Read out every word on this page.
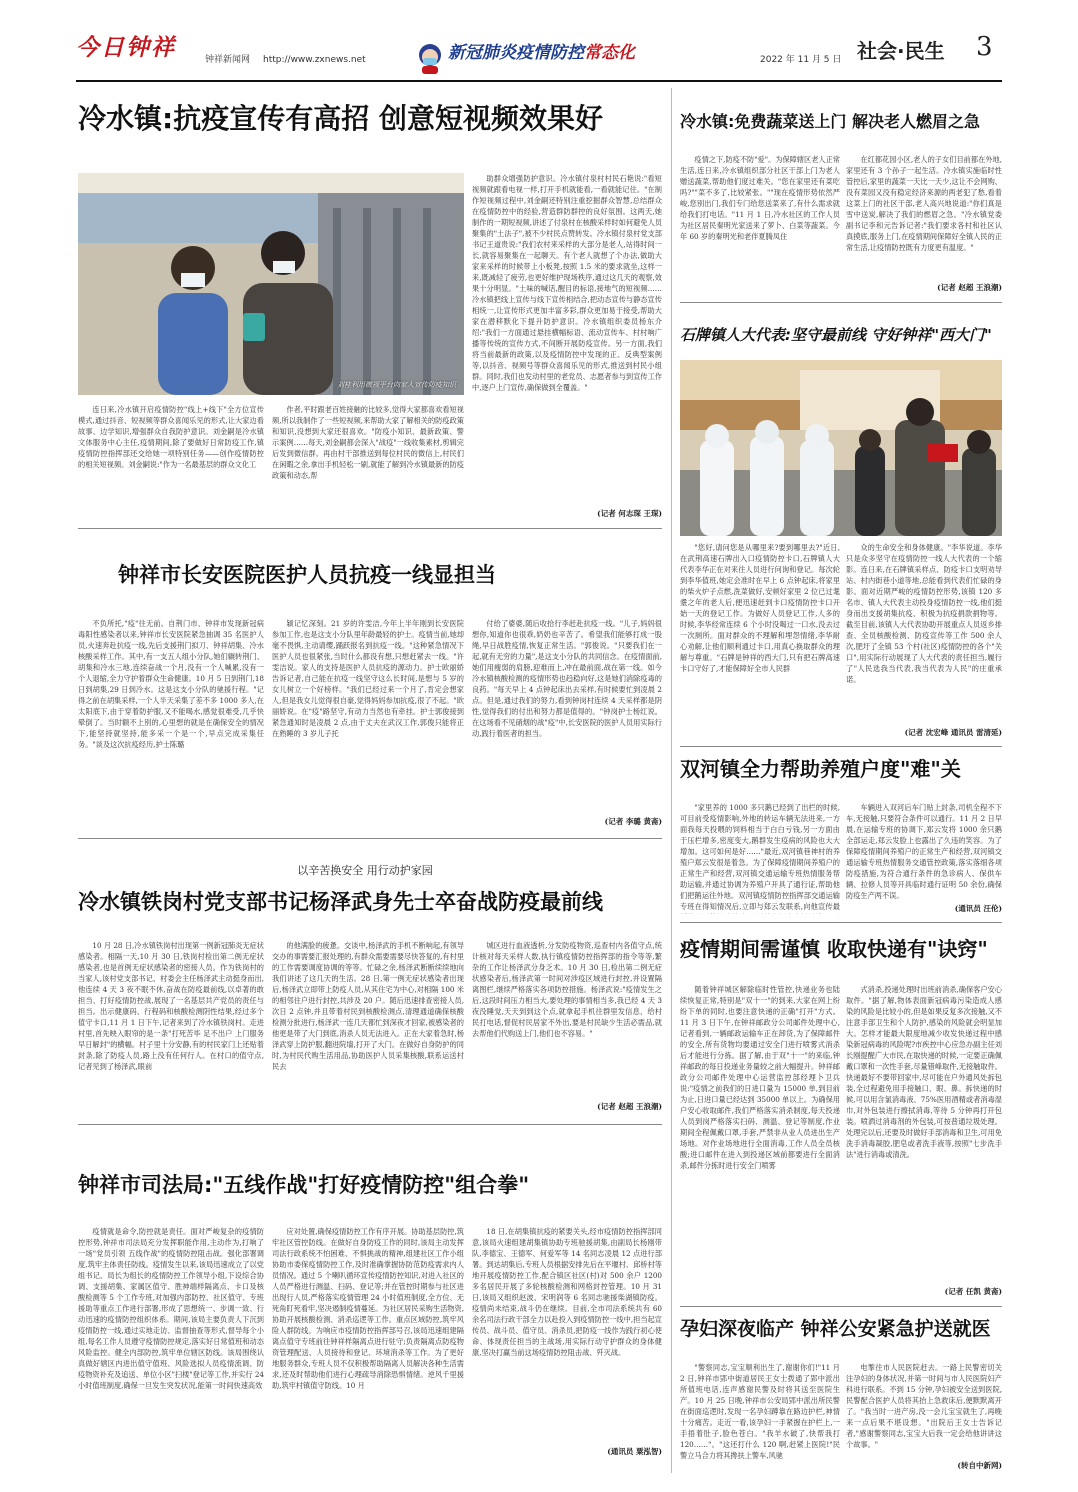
今日钟祥	钟祥新闻网 http://www.zxnews.net	新冠肺炎疫情防控常态化	2022 年 11 月 5 日 社会·民生 3
冷水镇:抗疫宣传有高招 创意短视频效果好
刘桂利用微视平台向家人宣传防疫知识
连日来,冷水镇开启疫情防控"线上+线下"全方位宣传模式,通过抖音、短视频等群众喜闻乐见的形式,让大家边看故事、边学知识,增强群众自我防护意识。刘金嗣是冷水镇文体服务中心主任,疫情期间,除了要做好日常防疫工作,镇疫情防控指挥部还交给她一项特别任务——创作疫情防控的相关短视频。刘金嗣说:"作为一名最基层的群众文化工
作者,平时跟老百姓接触的比较多,觉得大家都喜欢看短视频,所以我制作了一些短视频,来帮助大家了解相关的防疫政策和知识,没想到大家还很喜欢。"防疫小知识、最新政策、警示案例……每天,刘金嗣都会深入"战疫"一线收集素材,剪辑完后发到微信群。再由村干部推送到每位村民的微信上,村民们在闲暇之余,拿出手机轻松一刷,就能了解到冷水镇最新的防疫政策和动态,帮
助群众增强防护意识。冷水镇付泉村村民石艳说:"看短视频就跟看电视一样,打开手机就能看,一看就能记住。"在制作短视频过程中,刘金嗣还特别注重挖掘群众智慧,总结群众在疫情防控中的经验,营造群防群控的良好氛围。这两天,她制作的一期短视频,讲述了付泉村在核酸采样时如何避免人员聚集的"土法子",被不少村民点赞转发。冷水镇付泉村党支部书记王道贵说:"我们农村来采样的大部分是老人,站得时间一长,就容易聚集在一起聊天。有个老人就想了个办法,做助大家来采样的时候带上小板凳,按照 1.5 米的要求就坐,这样一来,既减轻了疲劳,也更好维护现场秩序,通过这几天的观察,效果十分明显。"土味的喊话,醒目的标语,接地气的短视频……冷水镇把线上宣传与线下宣传相结合,把动态宣传与静态宣传相统一,让宣传形式更加丰富多彩,群众更加易于接受,帮助大家在潜移默化下提升防护意识。冷水镇组织委员杨东介绍:"我们一方面通过悬挂横幅标语、流动宣传车、村村响广播等传统的宣传方式,不间断开展防疫宣传。另一方面,我们将当前最新的政策,以及疫情防控中发现的正、反典型案例等,以抖音、视频号等群众喜闻乐见的形式,推送到村民小组群。同时,我们也发动村里的老党员、志愿者参与到宣传工作中,逐户上门宣传,确保做到全覆盖。"
(记者 何志琛 王琛)
钟祥市长安医院医护人员抗疫一线显担当
不负所托,"疫"往无前。自荆门市、钟祥市发现新冠病毒阳性感染者以来,钟祥市长安医院紧急抽调 35 名医护人员,火速奔赴抗疫一线,先后支援荆门拟刀、钟祥胡集、冷水核酸采样工作。其中,有一支五人组小分队,她们辗转荆门、胡集和冷水三地,连续奋战一个月,没有一个人喊累,没有一个人退缩,全力守护着群众生命健康。10 月 5 日到荆门,18 日到胡集,29 日到冷水。这是这支小分队的驰援行程。"记得之前在胡集采样,一个人半天采集了差不多 1000 多人,在太阳底下,由于穿着防护服,又不能喝水,感觉很难受,几乎快晕倒了。当时额不上别的,心里想的就是在确保安全的情况下,能坚持就坚持,能多采一个是一个,早点完成采集任务。"谈及这次抗疫经历,护士陈璐
颖记忆深刻。21 岁的许雯洁,今年上半年刚到长安医院参加工作,也是这支小分队里年龄最轻的护士。疫情当前,她却毫不畏惧,主动请缨,踊跃报名到抗疫一线。"这种紧急情况下医护人员也很紧张,当时什么都没有想,只想赶紧去一线。"许雯洁说。家人的支持是医护人员抗疫的源动力。护士欧丽娇告诉记者,自己能在抗疫一线坚守这么长时间,是想与 5 岁的女儿树立一个好榜样。"我们已经过来一个月了,肯定会想家人,但是我女儿觉得很自豪,觉得妈妈参加抗疫,很了不起。"欧丽娇说。在"疫"路坚守,有动力当然也有牵挂。护士郭俊接到紧急通知时是凌晨 2 点,由于丈夫在武汉工作,郭俊只能将正在熟睡的 3 岁儿子托
付给了婆婆,随后收拾行李赶赴抗疫一线。"儿子,妈妈很想你,知道你也很乖,奶奶也辛苦了。希望我们能够打成一股绳,早日战胜疫情,恢复正常生活。"郭俊说。"只要我们在一起,就有无穷的力量",是这支小分队的共同信念。在疫情面前,她们用瘦弱的肩膀,迎难而上,冲在最前面,战在第一线。如今冷水镇核酸检测的疫情形势也趋稳向好,这是她们消除疫毒的良药。"每天早上 4 点钟起床出去采样,有时候要忙到凌晨 2 点。但是,通过我们的努力,看到钟岗村连续 4 天采样都是阴性,觉得我们的付出和努力都是值得的。"钟岗护士杨红说。在这场看不见硝烟的战"疫"中,长安医院的医护人员用实际行动,践行着医者的担当。
(记者 李璐 黄斋)
以辛苦换安全 用行动护家园
冷水镇铁岗村党支部书记杨泽武身先士卒奋战防疫最前线
10 月 28 日,冷水镇铁岗村出现第一例新冠肺炎无症状感染者。相隔一天,10 月 30 日,铁岗村检出第二例无症状感染者,也是首例无症状感染者的密接人员。作为铁岗村的当家人,该村党支部书记、村委会主任杨泽武主动挺身而出,他连续 4 天 3 夜不眠不休,奋战在防疫最前线,以卓著的敢担当、打好疫情防控战,展现了一名基层共产党员的责任与担当。出示健康码、行程码和核酸检测阴性结果,经过多个值守卡口,11 月 1 日下午,记者来到了冷水镇铁岗村。走进村里,首先映入眼帘的是一条"打死苦毕 足不出户 上门服务 早日解封"的横幅。村子里十分安静,有的村民家门上还贴着封条,除了防疫人员,路上没有任何行人。在村口的值守点,记者见到了杨泽武,眼前
的他满脸的疲惫。交谈中,杨泽武的手机不断响起,有领导交办的事需要汇报处理的,有群众需要需要尽快答复的,有村里的工作需要调度协调的等等。忙碌之余,杨泽武断断续续地向我们讲述了这几天的生活。28 日,第一例无症状感染者出现后,杨泽武立即带上防疫人员,从其住宅为中心,对相隔 100 米的相邻住户进行封控,共涉及 20 户。随后迅速排查密接人员,次日 2 点钟,并且带着村民到核酸检测点,清理通道确保核酸检测分批进行,杨泽武一连几天都忙到深夜才回家,被感染者的他更是带了大门到底,消杀人员无法进入。正在大家着急时,杨泽武穿上防护服,翻进院墙,打开了大门。在做好自身防护的同时,为村民代购生活用品,协助医护人员采集核酸,联系运送村民去
城区进行血液透析,分发防疫物资,巡查村内各值守点,统计核对每天采样人数,执行镇疫情防控指挥部的指令等等,繁杂的工作让杨泽武分身乏术。10 月 30 日,检出第二例无症状感染者后,杨泽武第一时间对涉疫区域进行封控,并设置隔离图栏,继续严格落实各项防控措施。杨泽武说:"疫情发生之后,这段时间压力相当大,要处理的事情相当多,我已经 4 天 3 夜没睡觉,天天到到这个点,就拿起手机往群里发信息、给村民打电话,督促村民居家不外出,要是村民缺少生活必需品,就去帮他们代购送上门,他们也不容易。"
(记者 赵超 王浪潮)
钟祥市司法局:"五线作战"打好疫情防控"组合拳"
疫情就是命令,防控就是责任。面对严峻复杂的疫情防控形势,钟祥市司法局充分发挥职能作用,主动作为,打响了一场"党员引领 五线作战"的疫情防控阻击战。强化部署调度,筑牢主体责任防线。疫情发生以来,该局迅速成立了以党组书记、局长为组长的疫情防控工作领导小组,下设综合协调、支援胡集、家属区值守、胜神端样隔离点、卡口及核酸检测等 5 个工作专班,对加强内部防控、社区值守、专班援助等重点工作进行部署,形成了思想统一、步调一致、行动迅速的疫情防控组织体系。期间,该局主要负责人下沉到疫情防控一线,通过实地走访、监督抽查等形式,督导每个小组,每名工作人员遵守疫情防控规定,落实好日常值班和动态风险监控。健全内部防控,筑牢单位辖区防线。该局围绕认真做好辖区内进出值守值班、风险选拟人员疫情流调、防疫物资补充及追送、单位小区"扫楼"登记等工作,并实行 24 小时值班制度,确保一旦发生突发状况,能第一时间快速高效
应对处置,确保疫情防控工作有序开展。协助基层防控,筑牢社区管控防线。在做好自身防疫工作的同时,该局主动发挥司法行政系统不怕困难、不惧挑战的精神,组建社区工作小组协助市委保疫情防控工作,及时准确掌握协防范防疫需求内人员情况。通过 5 个喇叭循环宣传疫情防控知识,对进入社区的人员严格进行测温、扫码、登记等;并在管控时期参与社区进出现行人员,严格落实疫情管理 24 小时值班制度,全方位、无死角盯死看牢,坚决遏制疫情蔓延。为社区居民采购生活物资,协助开展核酸检测、消杀巡逻等工作。重点区域防控,筑牢风险人群防线。为响应市疫情防控指挥部号召,该局迅速组建隔离点值守专班前往钟祥样隔离点进行驻守;负责隔离点防疫物资管理配送、人员接待和登记、环境消杀等工作。为了更好地服务群众,专班人员不仅积极帮助隔离人员解决各种生活需求,还及时帮助他们进行心理疏导消除恐惧情绪。逆风千里援助,筑牢村镇值守防线。10 月
18 日,在胡集镇抗疫的紧要关头,经市疫情防控指挥部同意,该局火速组建胡集镇协助专班驰援胡集,由副局长杨刚带队,李德宝、王德军、何爱军等 14 名同志凌晨 12 点进行部署。到达胡集后,专班人员根据安排先后在平堰村、邱桥村等地开展疫情防控工作,配合镇区社区(村)对 500 余户 1200 多名居民开展了多轮核酸检测和网格封控管理。10 月 31 日,该局又组织赵波、宋明润等 6 名同志驰援柴湖镇防疫。疫情尚未结束,战斗仍在继续。目前,全市司法系统共有 60 余名司法行政干部全力以赴投入到疫情防控一线中,担当起宣传员、战斗员、值守员、消杀员,把防疫一线作为践行初心使命、体现责任担当的主战场,用实际行动守护群众的身体健康,坚决打赢当前这场疫情防控阻击战、歼灭战。
(通讯员 粟泓智)
冷水镇:免费蔬菜送上门 解决老人燃眉之急
疫情之下,防疫不防"爱"。为保障辖区老人正常生活,连日来,冷水镇组织部分社区干部上门为老人赠送蔬菜,帮助他们度过难关。"您在家里还有菜吃吗?""菜不多了,比较紧张。""现在疫情形势依然严峻,您别出门,我们专门给您送菜来了,有什么需求就给我们打电话。"11 月 1 日,冷水社区的工作人员为社区居民秦明光家送来了萝卜、白菜等蔬菜。今年 60 岁的秦明光和老伴夏腾凤住
在红都花园小区,老人的子女们目前都在外地,家里还有 3 个孙子一起生活。冷水镇实施临时性管控后,家里的蔬菜一天比一天少,这让不会网购、没有菜园又没有稳定经济来源的两老犯了愁,看着这菜上门的社区干部,老人高兴地说道:"你们真是雪中送炭,解决了我们的燃眉之急。"冷水镇党委副书记李和元告诉记者:"我们要求各村和社区认真摸底,服务上门,在疫情期间保障好全镇人民的正常生活,让疫情防控既有力度更有温度。"
(记者 赵超 王浪潮)
石牌镇人大代表:坚守最前线 守好钟祥"西大门"
"您好,请问您是从哪里来?要到哪里去?"近日,在武荆高速石牌出入口疫情防控卡口,石牌镇人大代表李华正在对来往人员进行问询和登记。每次轮到李华值班,她定会准时在早上 6 点钟起床,将家里的柴火炉子点燃,洗菜做好,安顿好家里 2 位已过耄耋之年的老人后,便迅速赶到卡口疫情防控卡口开始一天的登记工作。为做好人员登记工作,人多的时候,李华经常连续 6 个小时没喝过一口水,没去过一次厕所。面对群众的不理解和埋怨情绪,李华耐心劝解,让他们顺利通过卡口,用真心换取群众的理解与尊重。"石牌是钟祥的西大门,只有把石牌高速卡口守好了,才能保障好全市人民群
众的生命安全和身体健康。"李华说道。李华只是众多坚守在疫情防控一线人大代表的一个缩影。连日来,在石牌镇采样点、防疫卡口支明劝导站、村内街巷小道等地,总能看到代表们忙碌的身影。面对近期严峻的疫情防控形势,该镇 120 多名市、镇人大代表主动投身疫情防控一线,他们挺身而出支援胡集抗疫、积极为抗疫捐款捐物等。截至目前,该镇人大代表协助开展重点人员返乡排查、全员核酸检测、防疫宣传等工作 500 余人次,肥圩了全镇 53 个村(社区)疫情防控的各个"关口",用实际行动展现了人大代表的责任担当,履行了"人民选我当代表,我当代表为人民"的庄重承诺。
(记者 沈宏峰 通讯员 雷清延)
双河镇全力帮助养殖户度"难"关
"家里养的 1000 多只鹅已经到了出栏的时候,可目前受疫情影响,外地的转运车辆无法进来,一方面我每天投喂的饲料相当于白白亏钱,另一方面由于压栏增多,密度变大,鹅群发生疫病的风险也大大增加。这可如何是好……"最近,双河镇巷神村的养殖户郑云发很是着急。为了保障疫情期间养殖户的正常生产和经营,双河镇交通运输专班热情服务帮助运输,并通过协调为养殖户开具了通行证,帮助他们把鹅运往外地。双河镇疫情防控指挥部交通运输专班在得知情况后,立即与郑云发联系,向他宣传最
车辆进入双河后车门贴上封条,司机全程不下车,无接触,只要符合条件可以通行。11 月 2 日早晨,在运输专班的协调下,郑云发将 1000 余只鹅全部运走,郑云发脸上也露出了久违的笑容。为了保障疫情期间养殖户的正常生产和经营,双河镇交通运输专班热情服务交通管控政策,落实落细各项防疫措施,为符合通行条件的急诊病人、保供车辆、拉修人员等开具临时通行证明 50 余份,确保防疫生产两不误。
(通讯员 汪伦)
疫情期间需谨慎 收取快递有"诀窍"
随着钟祥城区解除临时性管控,快递业务也陆续恢复正常,特别是"双十一"的到来,大家在网上纷纷下单的同时,也要注意快递的正确"打开"方式。11 月 3 日下午,在钟祥邮政分公司邮件处理中心,记者看到,一辆邮政运输车正在卸货,为了保障邮件的安全,所有货物均要通过安全门进行喷雾式消杀后才能进行分拣。据了解,由于双"十一"的来临,钟祥邮政的每日投递业务量较之前大幅提升。钟祥邮政分公司邮件处理中心运营监控部经理卜卫兵说:"疫情之前我们的日进口量为 15000 单,到目前为止,日进口量已经达到 35000 单以上。为确保用户安心收取邮件,我们严格落实消杀制度,每天投递人员到岗严格落实扫码、测温、登记等制度,作业期间全程佩戴口罩,手套,严禁非从业人员进出生产场地。对作业场地进行全面消毒,工作人员全员核酸;进口邮件在进入到投递区域前都要进行全面消杀,邮件分拣时进行安全门喷雾
式消杀,投递处理时出班前消杀,确保客户安心取件。"据了解,物体表面新冠病毒污染造成人感染的风险是比较小的,但是如果反复多次接触,又不注意手部卫生和个人防护,感染的风险就会明显加大。怎样才能最大限度地减少收发快递过程中感染新冠病毒的风险呢?市疾控中心应急办副主任刘长刚提醒广大市民,在取快递的时候,一定要正确佩戴口罩和一次性手套,尽量错峰取件,无接触取件。快递最好不要带回家中,尽可能在户外通风处拆包装,全过程避免用手接触口、眼、鼻。拆快递的时候,可以用含氯消毒液、75%医用酒精或者消毒湿巾,对外包装进行擦拭消毒,等待 5 分钟再打开包装。喷洒过消毒剂的外包装,可按普通垃圾处理。处理完以后,还要及时做好手部消毒和卫生,可用免洗手消毒凝胶,肥皂或者洗手液等,按照"七步洗手法"进行消毒或清洗。
(记者 任凯 黄斋)
孕妇深夜临产 钟祥公安紧急护送就医
"警察同志,宝宝顺利出生了,谢谢你们!"11 月 2 日,钟祥市郢中街道居民王女士拨通了郢中派出所值班电话,连声感谢民警及时将其送至医院生产。10 月 25 日晚,钟祥市公安局郢中派出所民警在街面巡逻时,发现一名孕妇蹲靠在路边护栏,神情十分痛苦。走近一看,该孕妇一手紧握在护栏上,一手捂着肚子,脸色苍白。"我羊水破了,快帮我打 120……"。"这还打什么 120 啊,赶紧上医院!"民警立马合力将其搀扶上警车,风驰
电掣往市人民医院赶去。一路上民警密切关注孕妇的身体状况,并第一时间与市人民医院妇产科进行联系。不到 15 分钟,孕妇被安全送到医院,民警配合医护人员将其抬上急救床后,便默默离开了。"我当时一进产房,没一会儿宝宝就生了,再晚来一点后果不堪设想。"出院后王女士告诉记者,"感谢警察同志,宝宝大后我一定会给他讲讲这个故事。"
(转自中新网)
